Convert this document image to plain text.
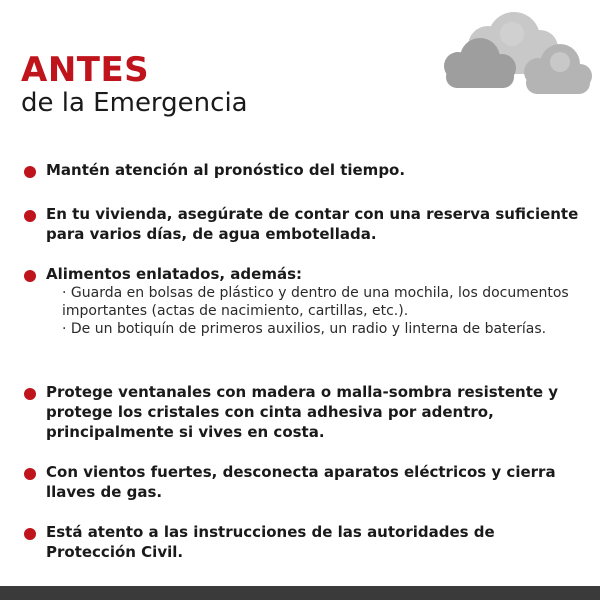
ANTES
de la Emergencia
Mantén atención al pronóstico del tiempo.
En tu vivienda, asegúrate de contar con una reserva suficiente para varios días, de agua embotellada.
Alimentos enlatados, además:
· Guarda en bolsas de plástico y dentro de una mochila, los documentos importantes (actas de nacimiento, cartillas, etc.).
· De un botiquín de primeros auxilios, un radio y linterna de baterías.
Protege ventanales con madera o malla-sombra resistente y protege los cristales con cinta adhesiva por adentro, principalmente si vives en costa.
Con vientos fuertes, desconecta aparatos eléctricos y cierra llaves de gas.
Está atento a las instrucciones de las autoridades de Protección Civil.
